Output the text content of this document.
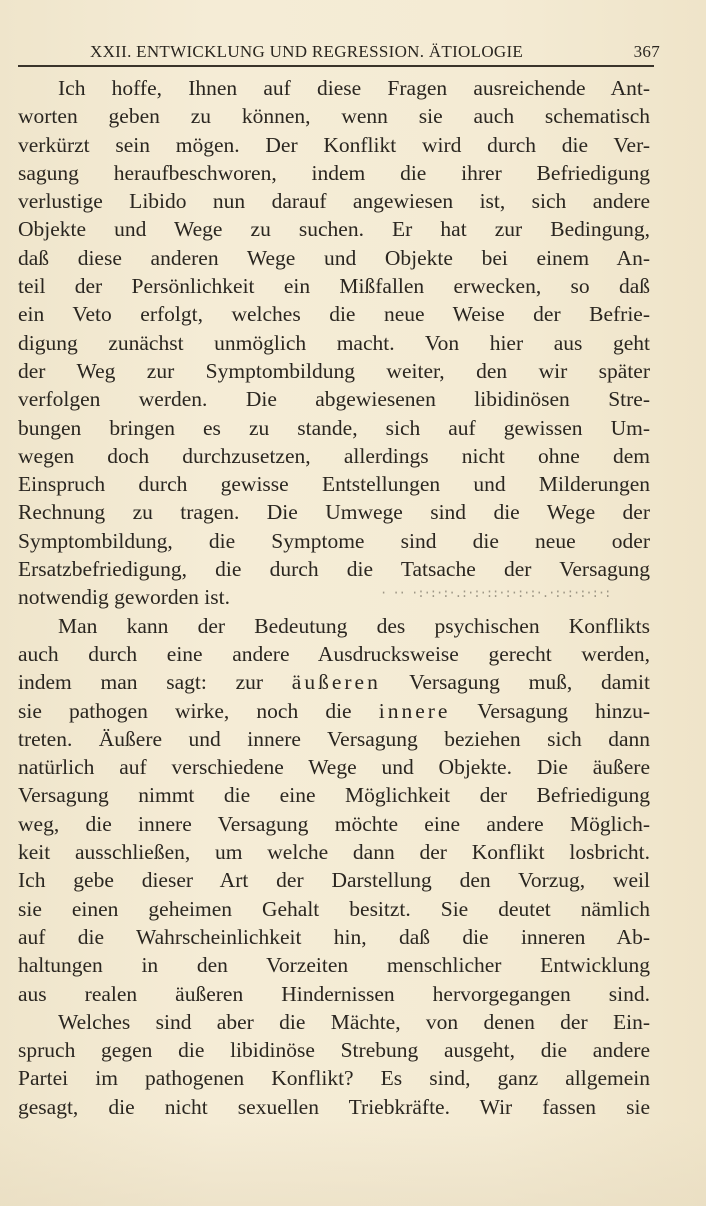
XXII. ENTWICKLUNG UND REGRESSION. ÄTIOLOGIE	367
Ich hoffe, Ihnen auf diese Fragen ausreichende Ant-
worten geben zu können, wenn sie auch schematisch
verkürzt sein mögen. Der Konflikt wird durch die Ver-
sagung heraufbeschworen, indem die ihrer Befriedigung
verlustige Libido nun darauf angewiesen ist, sich andere
Objekte und Wege zu suchen. Er hat zur Bedingung,
daß diese anderen Wege und Objekte bei einem An-
teil der Persönlichkeit ein Mißfallen erwecken, so daß
ein Veto erfolgt, welches die neue Weise der Befrie-
digung zunächst unmöglich macht. Von hier aus geht
der Weg zur Symptombildung weiter, den wir später
verfolgen werden. Die abgewiesenen libidinösen Stre-
bungen bringen es zu stande, sich auf gewissen Um-
wegen doch durchzusetzen, allerdings nicht ohne dem
Einspruch durch gewisse Entstellungen und Milderungen
Rechnung zu tragen. Die Umwege sind die Wege der
Symptombildung, die Symptome sind die neue oder
Ersatzbefriedigung, die durch die Tatsache der Versagung
notwendig geworden ist.
Man kann der Bedeutung des psychischen Konflikts
auch durch eine andere Ausdrucksweise gerecht werden,
indem man sagt: zur äußeren Versagung muß, damit
sie pathogen wirke, noch die innere Versagung hinzu-
treten. Äußere und innere Versagung beziehen sich dann
natürlich auf verschiedene Wege und Objekte. Die äußere
Versagung nimmt die eine Möglichkeit der Befriedigung
weg, die innere Versagung möchte eine andere Möglich-
keit ausschließen, um welche dann der Konflikt losbricht.
Ich gebe dieser Art der Darstellung den Vorzug, weil
sie einen geheimen Gehalt besitzt. Sie deutet nämlich
auf die Wahrscheinlichkeit hin, daß die inneren Ab-
haltungen in den Vorzeiten menschlicher Entwicklung
aus realen äußeren Hindernissen hervorgegangen sind.
Welches sind aber die Mächte, von denen der Ein-
spruch gegen die libidinöse Strebung ausgeht, die andere
Partei im pathogenen Konflikt? Es sind, ganz allgemein
gesagt, die nicht sexuellen Triebkräfte. Wir fassen sie
· ·· ·:·:·:·.:·:·::·:·:·:·.·:·:·:·:·:
